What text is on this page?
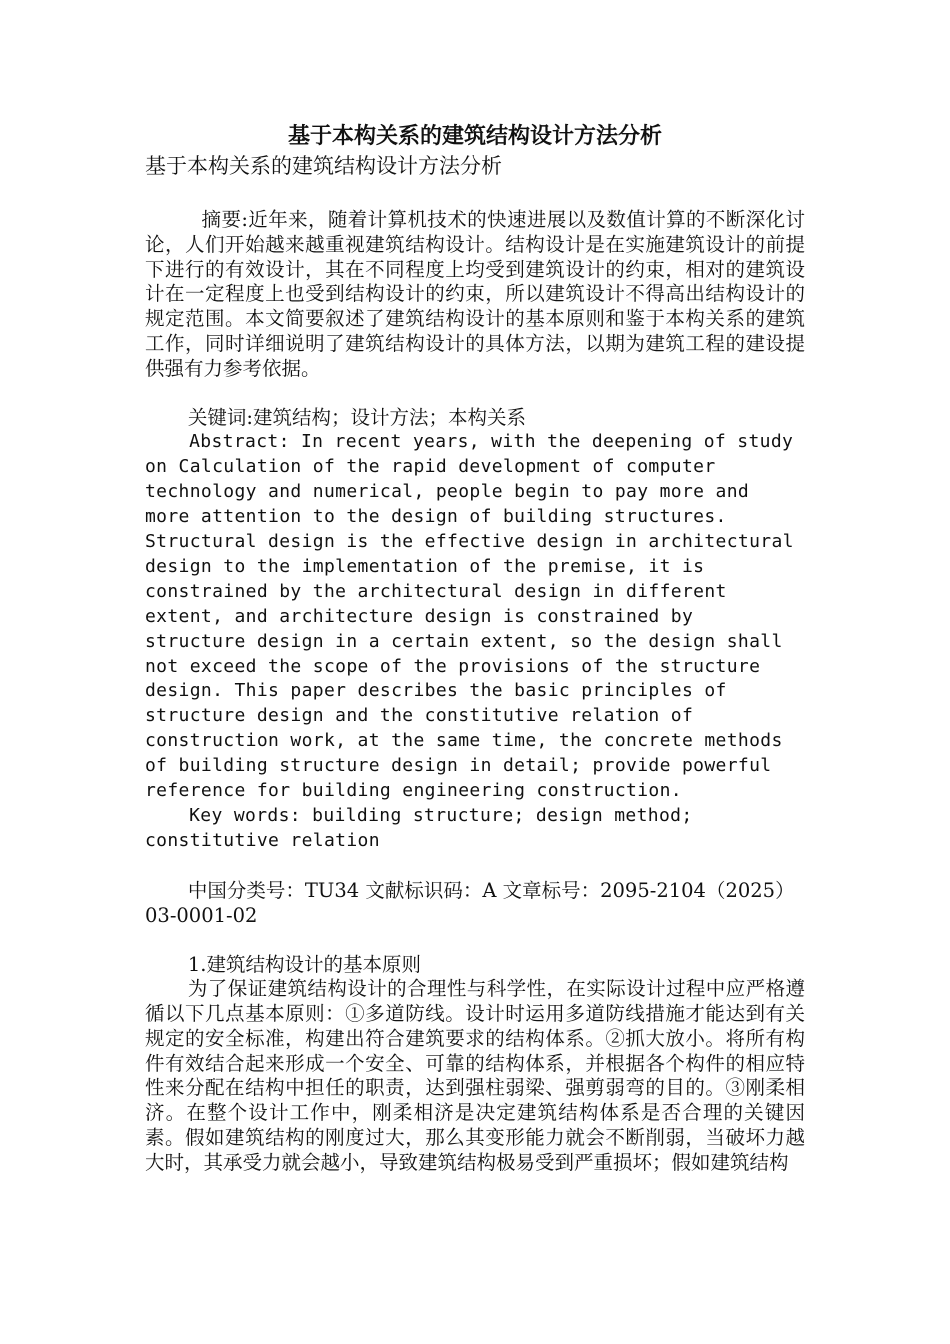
基于本构关系的建筑结构设计方法分析

基于本构关系的建筑结构设计方法分析

摘要:近年来，随着计算机技术的快速进展以及数值计算的不断深化讨论，人们开始越来越重视建筑结构设计。结构设计是在实施建筑设计的前提下进行的有效设计，其在不同程度上均受到建筑设计的约束，相对的建筑设计在一定程度上也受到结构设计的约束，所以建筑设计不得高出结构设计的规定范围。本文简要叙述了建筑结构设计的基本原则和鉴于本构关系的建筑工作，同时详细说明了建筑结构设计的具体方法，以期为建筑工程的建设提供强有力参考依据。

关键词:建筑结构；设计方法；本构关系

Abstract: In recent years, with the deepening of study on Calculation of the rapid development of computer technology and numerical, people begin to pay more and more attention to the design of building structures. Structural design is the effective design in architectural design to the implementation of the premise, it is constrained by the architectural design in different extent, and architecture design is constrained by structure design in a certain extent, so the design shall not exceed the scope of the provisions of the structure design. This paper describes the basic principles of structure design and the constitutive relation of construction work, at the same time, the concrete methods of building structure design in detail; provide powerful reference for building engineering construction.

Key words: building structure; design method; constitutive relation

中国分类号：TU34 文献标识码：A 文章标号：2095-2104（2025）03-0001-02

1.建筑结构设计的基本原则

为了保证建筑结构设计的合理性与科学性，在实际设计过程中应严格遵循以下几点基本原则：①多道防线。设计时运用多道防线措施才能达到有关规定的安全标准，构建出符合建筑要求的结构体系。②抓大放小。将所有构件有效结合起来形成一个安全、可靠的结构体系，并根据各个构件的相应特性来分配在结构中担任的职责，达到强柱弱梁、强剪弱弯的目的。③刚柔相济。在整个设计工作中，刚柔相济是决定建筑结构体系是否合理的关键因素。假如建筑结构的刚度过大，那么其变形能力就会不断削弱，当破坏力越大时，其承受力就会越小，导致建筑结构极易受到严重损坏；假如建筑结构
